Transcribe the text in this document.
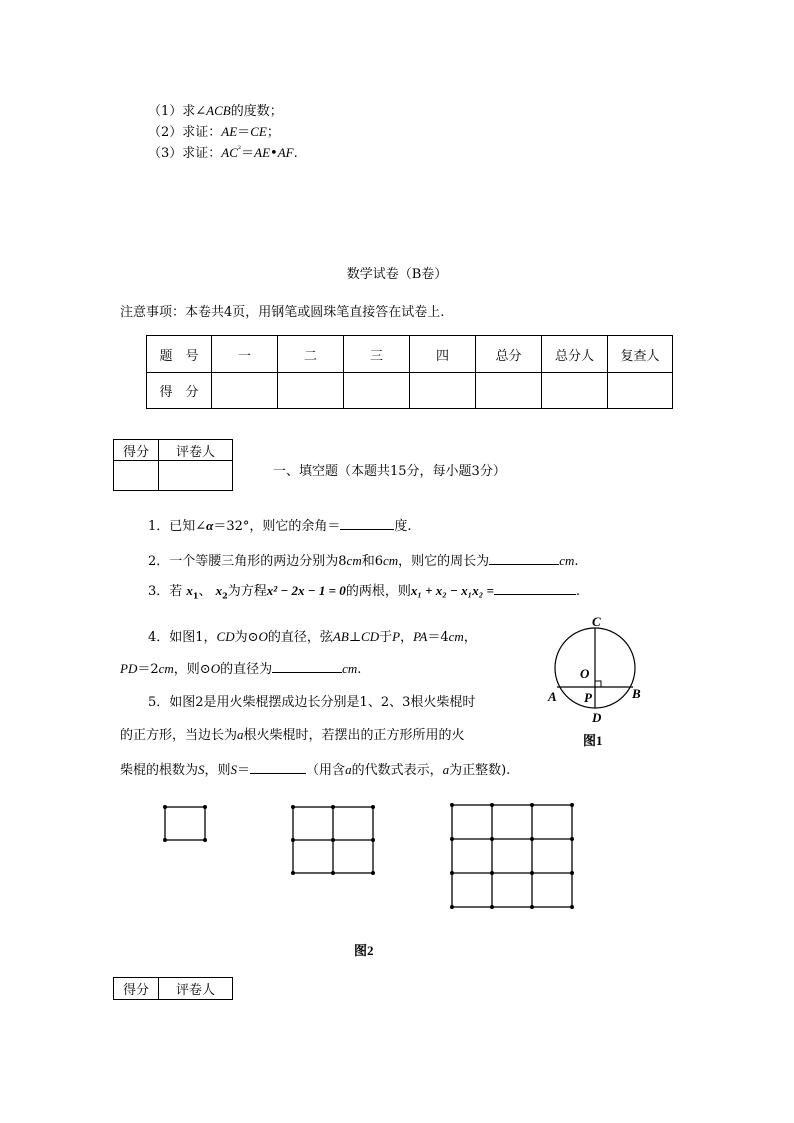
（1）求∠ACB的度数；
（2）求证：AE＝CE；
（3）求证：$AC^{^2}=AE•AF$.
数学试卷（B卷）
注意事项：本卷共4页，用钢笔或圆珠笔直接答在试卷上.
题　号	一	二	三	四	总分	总分人	复查人
得　分							
得分	评卷人

一、填空题（本题共15分，每小题3分）
1．已知∠α＝32°，则它的余角＝	度.
2．一个等腰三角形的两边分别为8cm和6cm，则它的周长为	cm.
3．若 $x_1$、 $x_2$为方程x² − 2x − 1 = 0的两根，则x₁ + x₂ − x₁x₂ =	.
4．如图1，CD为⊙O的直径，弦AB⊥CD于P，PA＝4cm，
PD＝2cm，则⊙O的直径为	cm.
5．如图2是用火柴棍摆成边长分别是1、2、3根火柴棍时
的正方形，当边长为a根火柴棍时，若摆出的正方形所用的火
柴棍的根数为S，则S＝	（用含a的代数式表示，a为正整数).
C
O
A P	B
D
图1
图2
得分	评卷人
